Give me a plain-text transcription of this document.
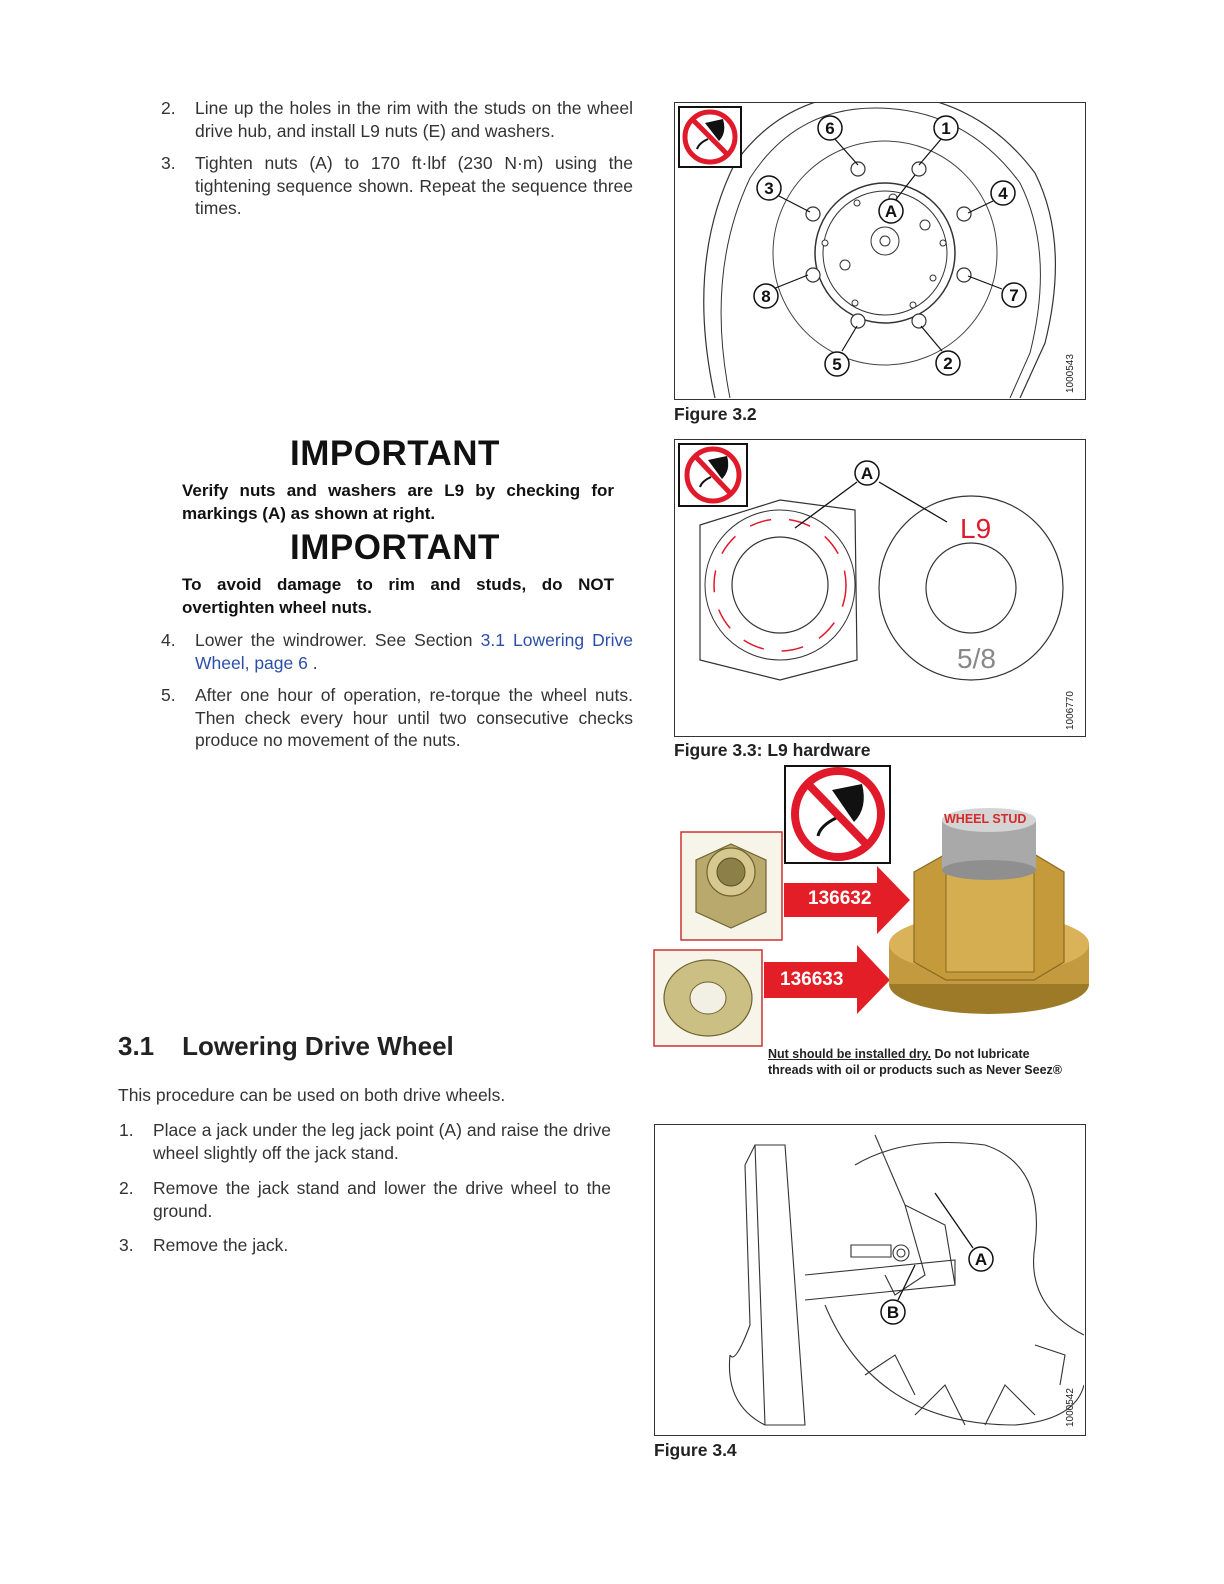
2. Line up the holes in the rim with the studs on the wheel drive hub, and install L9 nuts (E) and washers.
3. Tighten nuts (A) to 170 ft·lbf (230 N·m) using the tightening sequence shown. Repeat the sequence three times.
IMPORTANT
Verify nuts and washers are L9 by checking for markings (A) as shown at right.
IMPORTANT
To avoid damage to rim and studs, do NOT overtighten wheel nuts.
4. Lower the windrower. See Section 3.1 Lowering Drive Wheel, page 6 .
5. After one hour of operation, re-torque the wheel nuts. Then check every hour until two consecutive checks produce no movement of the nuts.
3.1 Lowering Drive Wheel
This procedure can be used on both drive wheels.
1. Place a jack under the leg jack point (A) and raise the drive wheel slightly off the jack stand.
2. Remove the jack stand and lower the drive wheel to the ground.
3. Remove the jack.
6	1
3	4
8	7
5	2
A
1000543
Figure 3.2
L9
5/8
A
1006770
Figure 3.3: L9 hardware
136632
136633
WHEEL STUD
Nut should be installed dry. Do not lubricate
threads with oil or products such as Never Seez®
A
B
1000542
Figure 3.4
